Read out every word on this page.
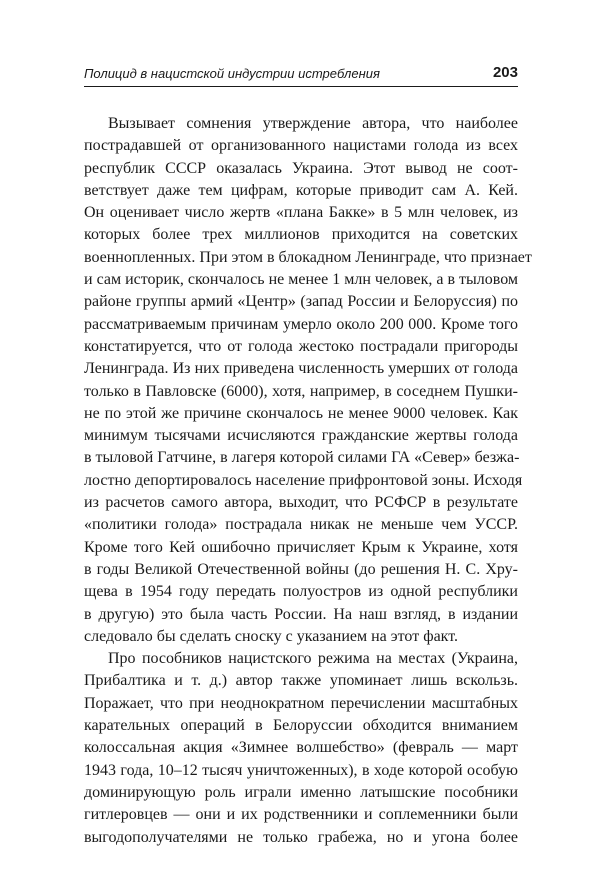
Полицид в нацистской индустрии истребления	203

Вызывает сомнения утверждение автора, что наиболее
пострадавшей от организованного нацистами голода из всех
республик СССР оказалась Украина. Этот вывод не соот-
ветствует даже тем цифрам, которые приводит сам А. Кей.
Он оценивает число жертв «плана Бакке» в 5 млн человек, из
которых более трех миллионов приходится на советских
военнопленных. При этом в блокадном Ленинграде, что признает
и сам историк, скончалось не менее 1 млн человек, а в тыловом
районе группы армий «Центр» (запад России и Белоруссия) по
рассматриваемым причинам умерло около 200 000. Кроме того
констатируется, что от голода жестоко пострадали пригороды
Ленинграда. Из них приведена численность умерших от голода
только в Павловске (6000), хотя, например, в соседнем Пушки-
не по этой же причине скончалось не менее 9000 человек. Как
минимум тысячами исчисляются гражданские жертвы голода
в тыловой Гатчине, в лагеря которой силами ГА «Север» безжа-
лостно депортировалось население прифронтовой зоны. Исходя
из расчетов самого автора, выходит, что РСФСР в результате
«политики голода» пострадала никак не меньше чем УССР.
Кроме того Кей ошибочно причисляет Крым к Украине, хотя
в годы Великой Отечественной войны (до решения Н. С. Хру-
щева в 1954 году передать полуостров из одной республики
в другую) это была часть России. На наш взгляд, в издании
следовало бы сделать сноску с указанием на этот факт.

Про пособников нацистского режима на местах (Украина,
Прибалтика и т. д.) автор также упоминает лишь вскользь.
Поражает, что при неоднократном перечислении масштабных
карательных операций в Белоруссии обходится вниманием
колоссальная акция «Зимнее волшебство» (февраль — март
1943 года, 10–12 тысяч уничтоженных), в ходе которой особую
доминирующую роль играли именно латышские пособники
гитлеровцев — они и их родственники и соплеменники были
выгодополучателями не только грабежа, но и угона более
